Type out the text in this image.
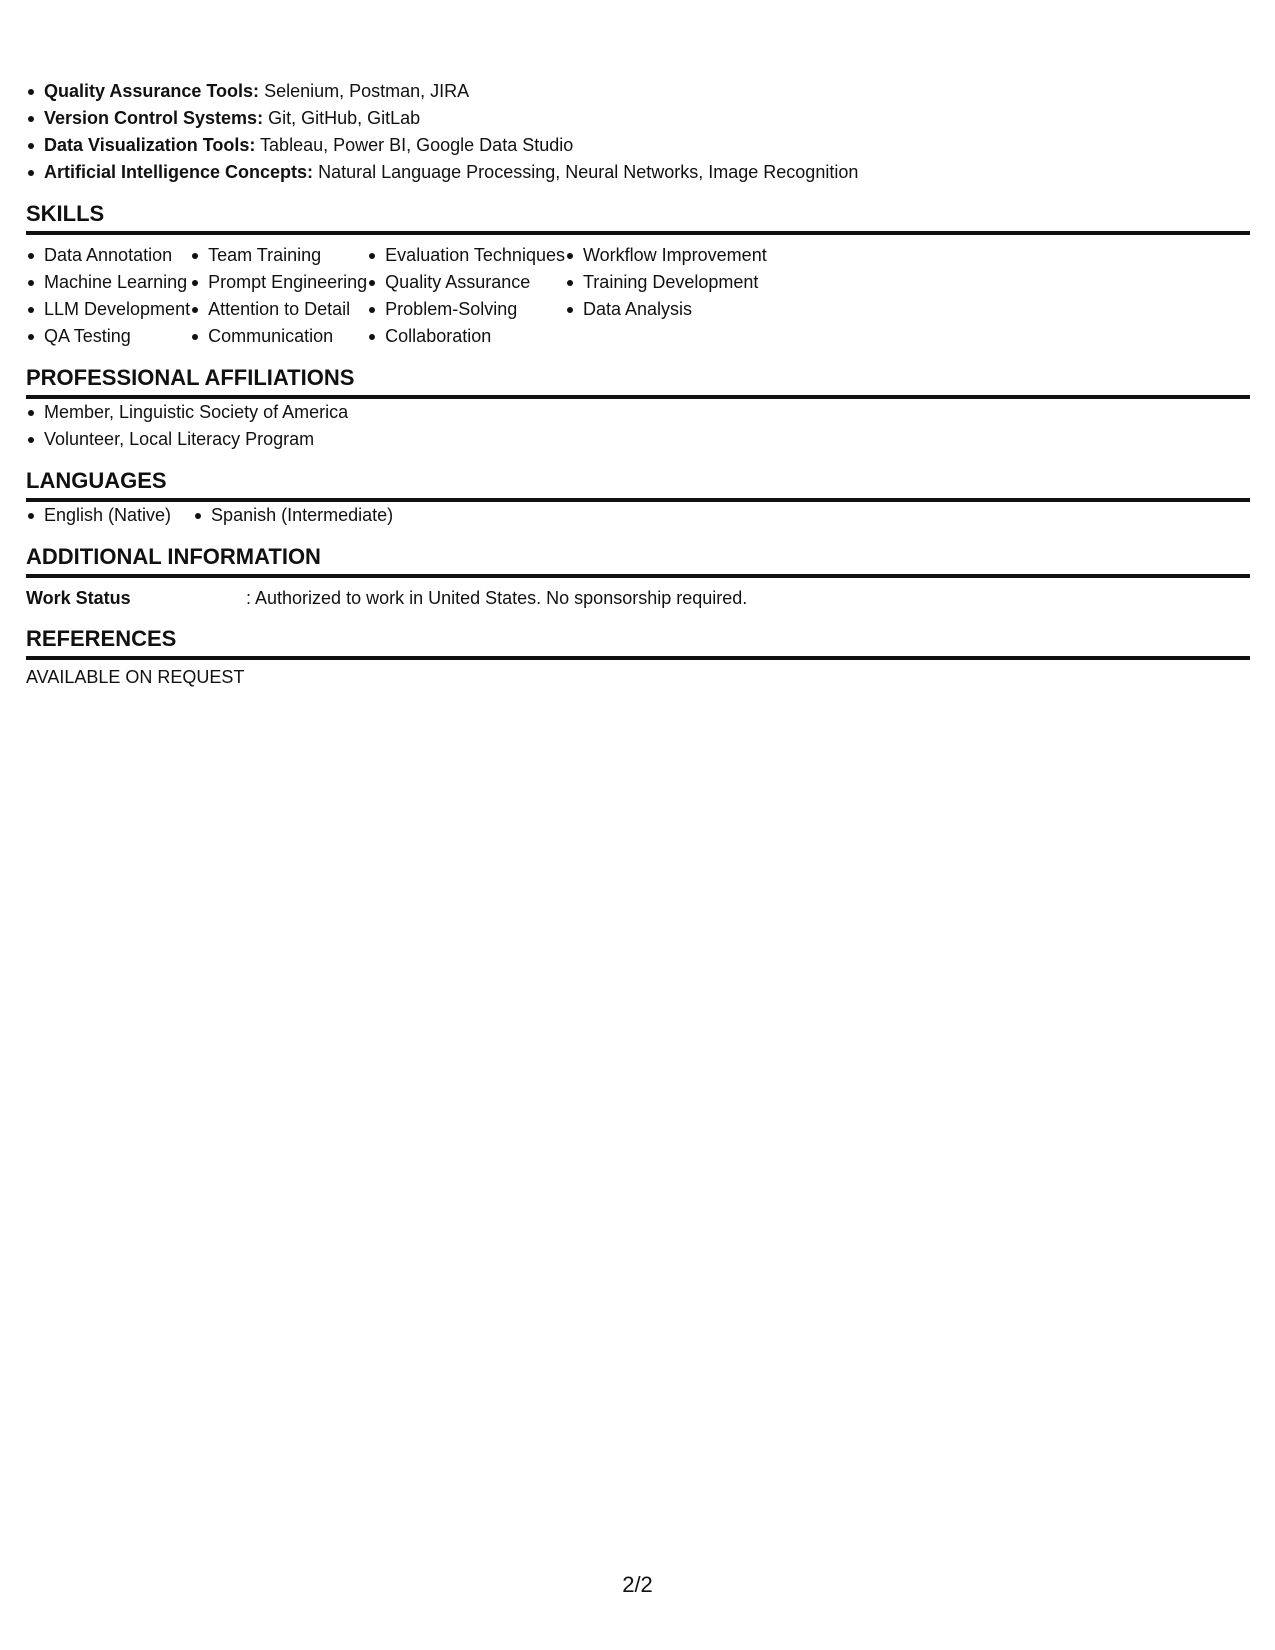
Quality Assurance Tools: Selenium, Postman, JIRA
Version Control Systems: Git, GitHub, GitLab
Data Visualization Tools: Tableau, Power BI, Google Data Studio
Artificial Intelligence Concepts: Natural Language Processing, Neural Networks, Image Recognition
SKILLS
Data Annotation
Machine Learning
LLM Development
QA Testing
Team Training
Prompt Engineering
Attention to Detail
Communication
Evaluation Techniques
Quality Assurance
Problem-Solving
Collaboration
Workflow Improvement
Training Development
Data Analysis
PROFESSIONAL AFFILIATIONS
Member, Linguistic Society of America
Volunteer, Local Literacy Program
LANGUAGES
English (Native)	Spanish (Intermediate)
ADDITIONAL INFORMATION
Work Status	: Authorized to work in United States. No sponsorship required.
REFERENCES
AVAILABLE ON REQUEST
2/2
